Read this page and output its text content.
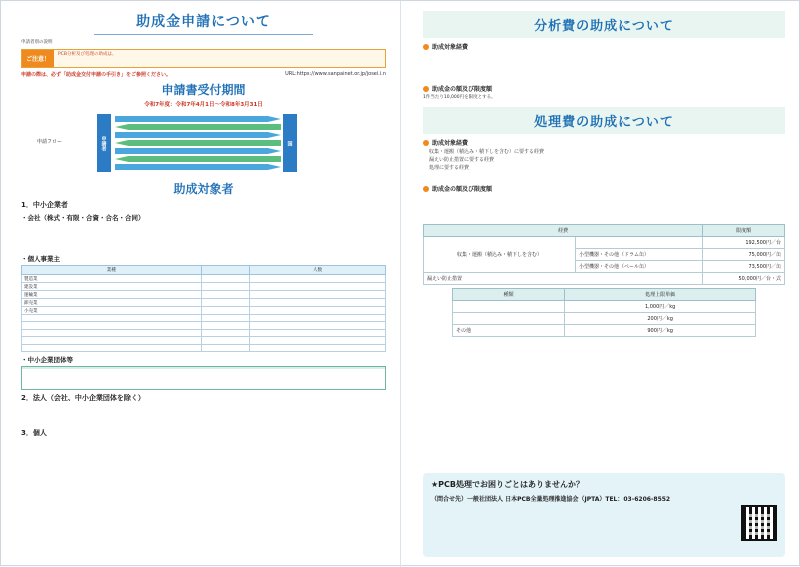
助成金申請について
申請者別の説明
ご注意！
PCB分析及び処理の助成は、
申請の際は、必ず「助成金交付申請の手引き」をご参照ください。	URL:https://www.sanpainet.or.jp/josei.i.n
申請書受付期間
令和7年度：令和7年4月1日～令和8年3月31日
申請フロー	申請者	国
助成対象者
1．中小企業者
・会社（株式・有限・合資・合名・合同）

・個人事業主
業種		人数
製造業		
建設業		
運輸業		
卸売業		
小売業		

・中小企業団体等

2．法人（会社、中小企業団体を除く）

3．個人

分析費の助成について
助成対象経費

助成金の額及び限度額
1件当たり10,000円を限度とする。
処理費の助成について
助成対象経費

収集・運搬（積込み・積下しを含む）に要する経費

漏えい防止措置に要する経費

処理に要する経費

助成金の額及び限度額

経費		限度額
収集・運搬（積込み・積下しを含む）		192,500円／台
	小型機器・その他（ドラム缶）	75,000円／缶
	小型機器・その他（ペール缶）	73,500円／缶
漏えい防止措置		50,000円／台・式
種類	処理上限単価
	1,000円／kg
	200円／kg
その他	900円／kg
★PCB処理でお困りごとはありませんか？
（問合せ先）一般社団法人 日本PCB全量処理推進協会（JPTA）TEL：03-6206-8552
